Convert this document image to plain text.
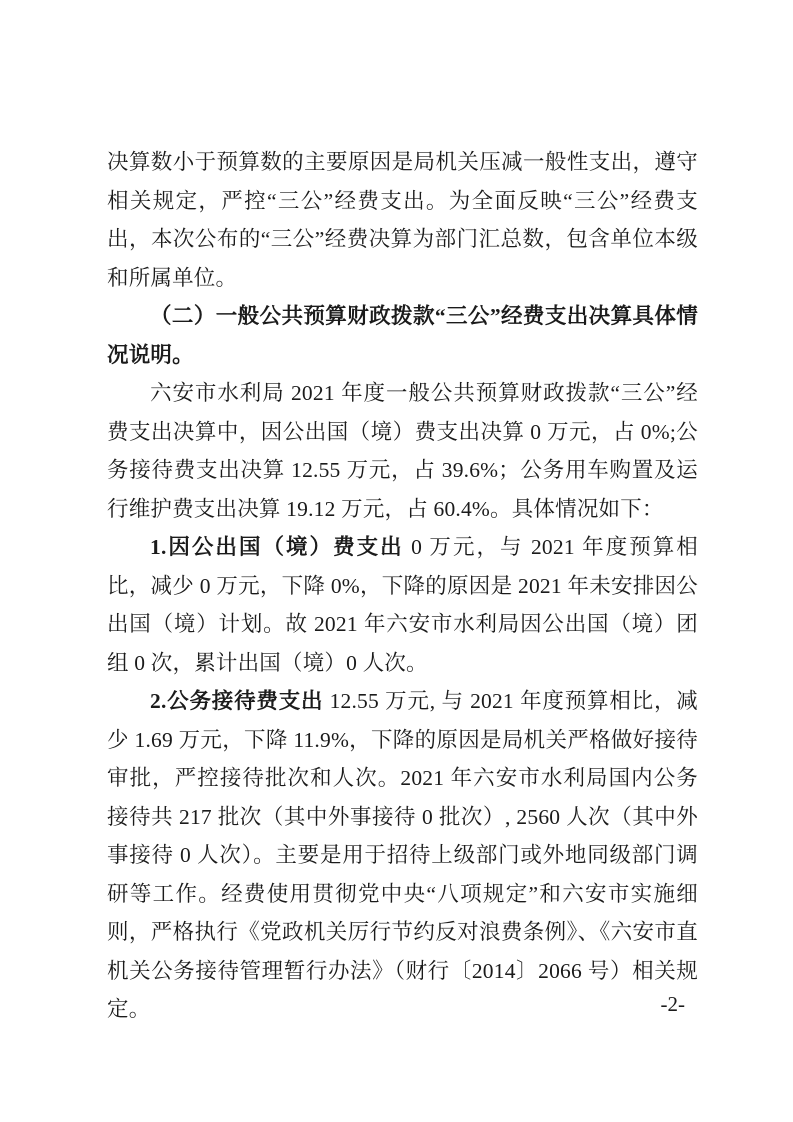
决算数小于预算数的主要原因是局机关压减一般性支出，遵守相关规定，严控“三公”经费支出。为全面反映“三公”经费支出，本次公布的“三公”经费决算为部门汇总数，包含单位本级和所属单位。

（二）一般公共预算财政拨款“三公”经费支出决算具体情况说明。

六安市水利局 2021 年度一般公共预算财政拨款“三公”经费支出决算中，因公出国（境）费支出决算 0 万元，占 0%;公务接待费支出决算 12.55 万元，占 39.6%；公务用车购置及运行维护费支出决算 19.12 万元，占 60.4%。具体情况如下：

1.因公出国（境）费支出 0 万元，与 2021 年度预算相比，减少 0 万元，下降 0%，下降的原因是 2021 年未安排因公出国（境）计划。故 2021 年六安市水利局因公出国（境）团组 0 次，累计出国（境）0 人次。

2.公务接待费支出 12.55 万元, 与 2021 年度预算相比，减少 1.69 万元，下降 11.9%，下降的原因是局机关严格做好接待审批，严控接待批次和人次。2021 年六安市水利局国内公务接待共 217 批次（其中外事接待 0 批次）, 2560 人次（其中外事接待 0 人次）。主要是用于招待上级部门或外地同级部门调研等工作。经费使用贯彻党中央“八项规定”和六安市实施细则，严格执行《党政机关厉行节约反对浪费条例》、《六安市直机关公务接待管理暂行办法》（财行〔2014〕2066 号）相关规定。	-2-
